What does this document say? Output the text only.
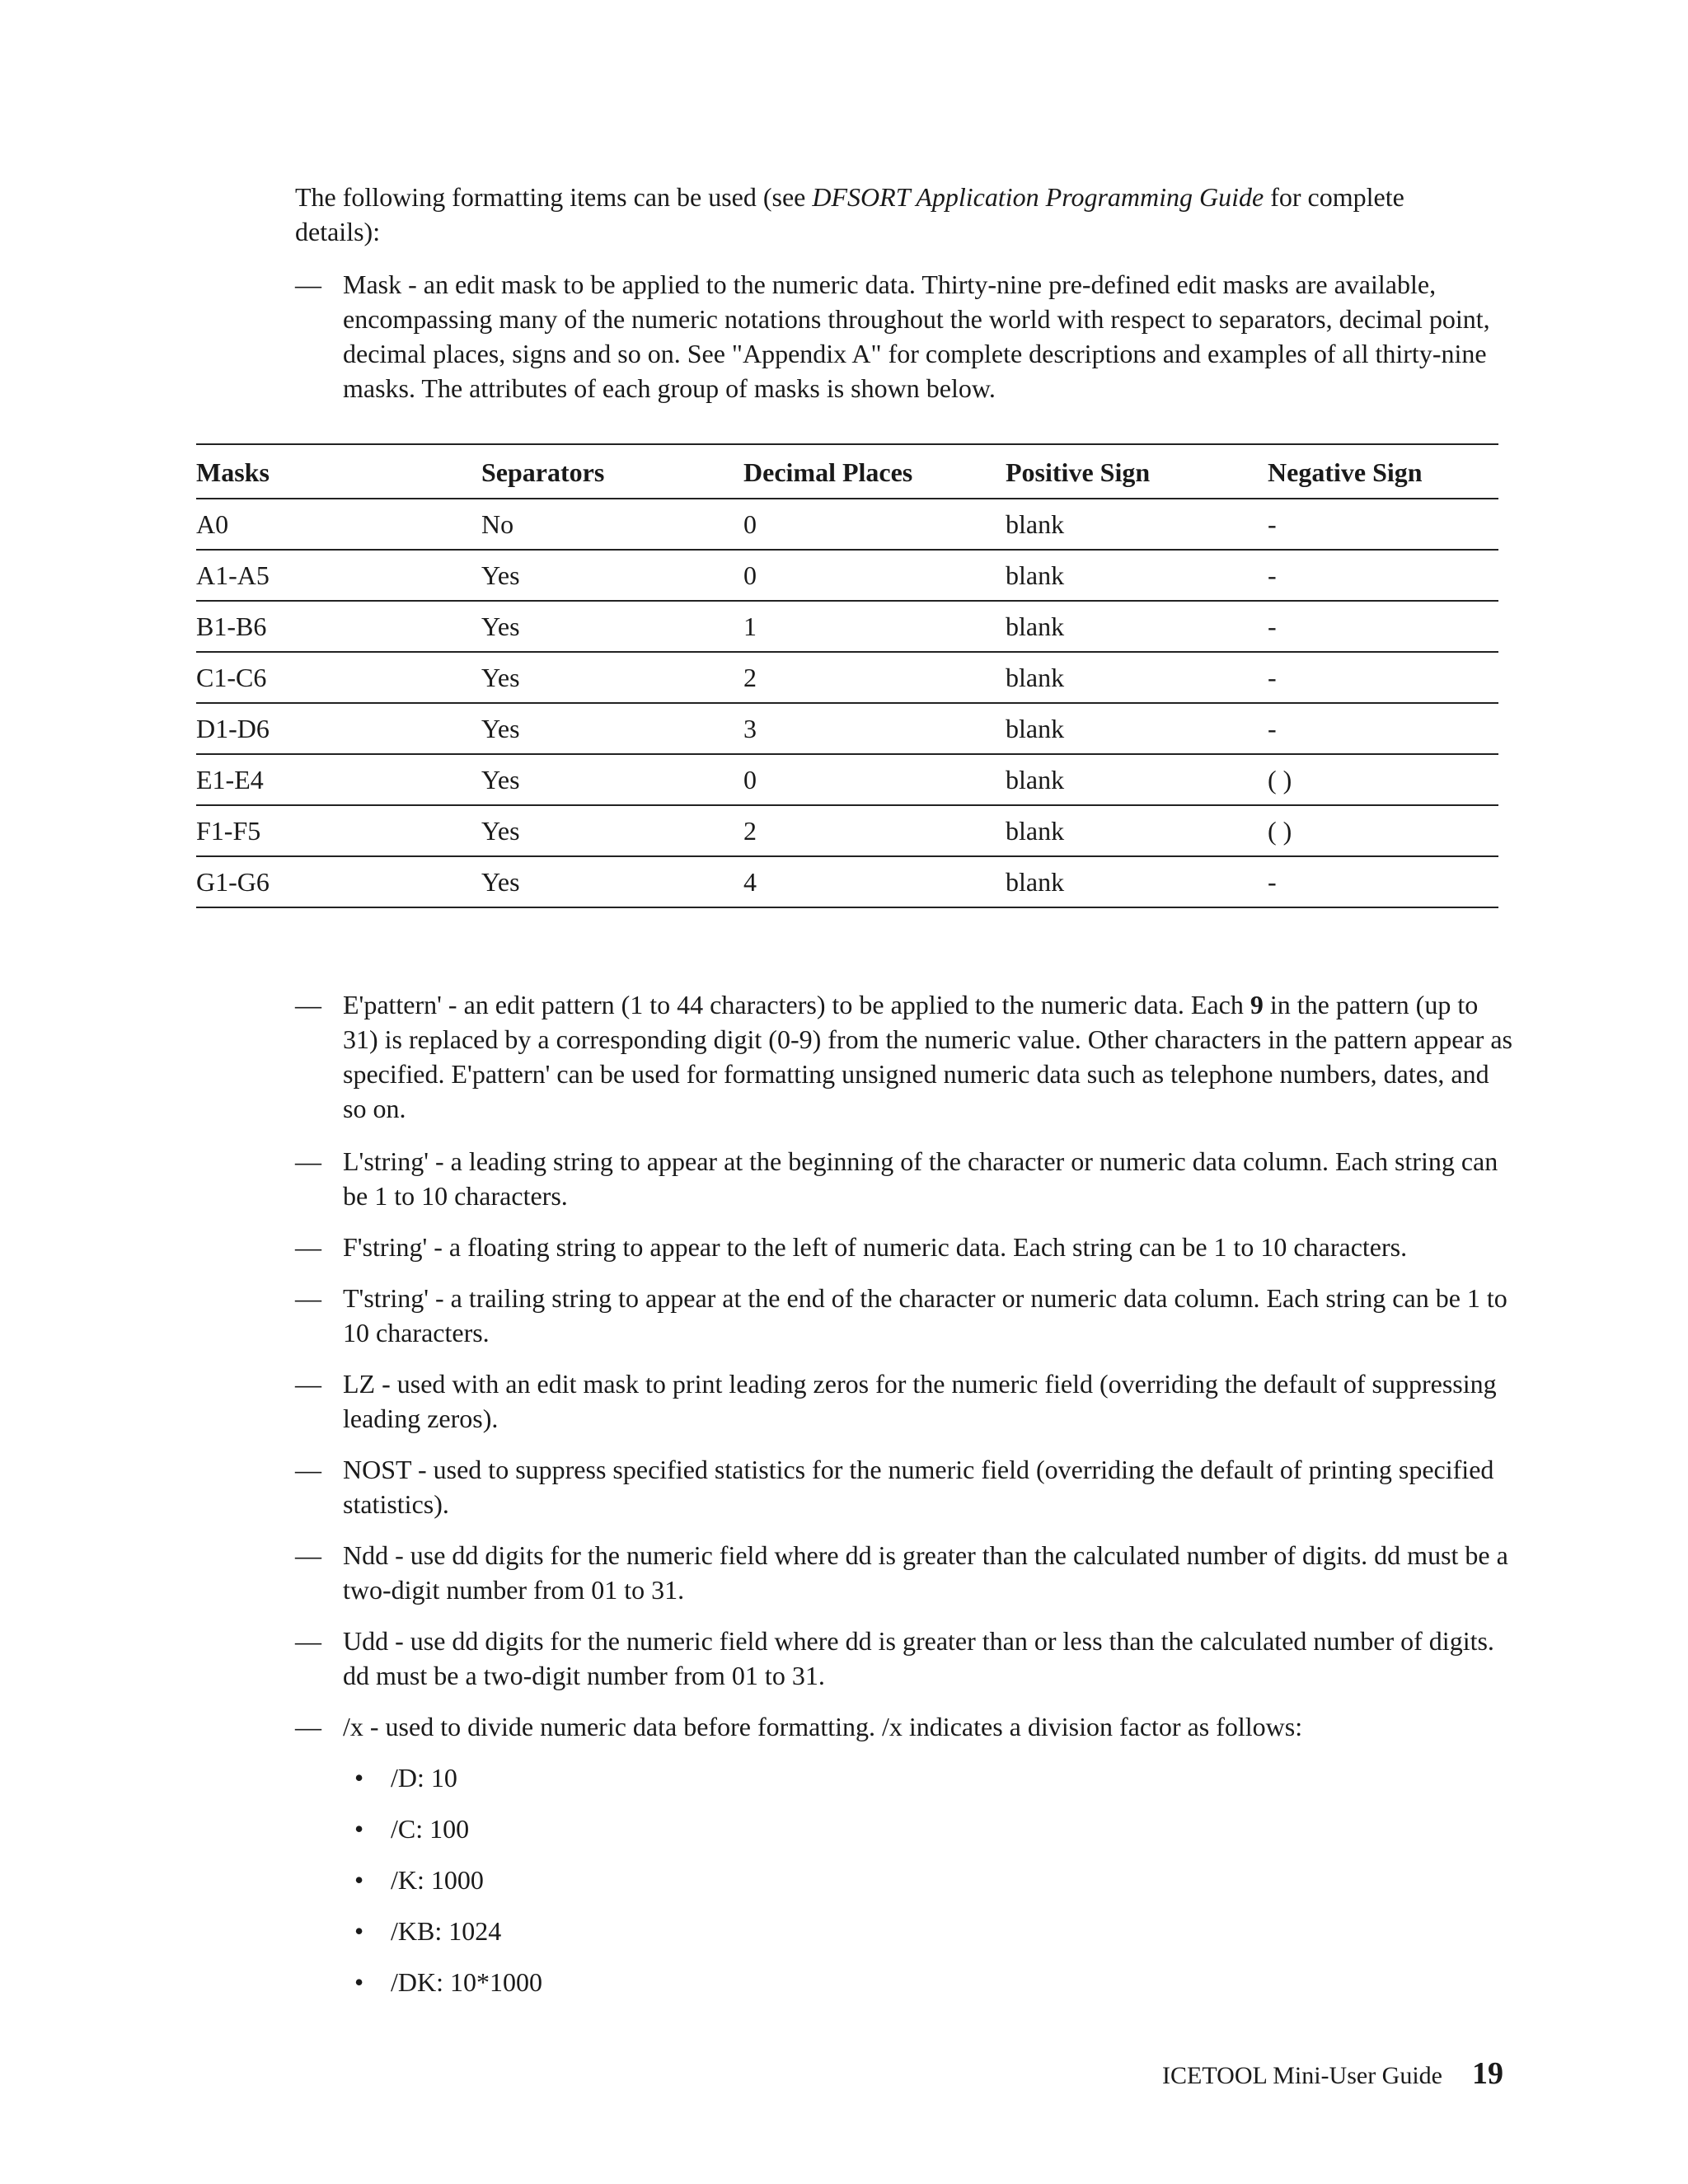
The following formatting items can be used (see DFSORT Application Programming Guide for complete details):
— Mask - an edit mask to be applied to the numeric data. Thirty-nine pre-defined edit masks are available, encompassing many of the numeric notations throughout the world with respect to separators, decimal point, decimal places, signs and so on. See "Appendix A" for complete descriptions and examples of all thirty-nine masks. The attributes of each group of masks is shown below.
Masks	Separators	Decimal Places	Positive Sign	Negative Sign
A0	No	0	blank	-
A1-A5	Yes	0	blank	-
B1-B6	Yes	1	blank	-
C1-C6	Yes	2	blank	-
D1-D6	Yes	3	blank	-
E1-E4	Yes	0	blank	( )
F1-F5	Yes	2	blank	( )
G1-G6	Yes	4	blank	-
— E'pattern' - an edit pattern (1 to 44 characters) to be applied to the numeric data. Each 9 in the pattern (up to 31) is replaced by a corresponding digit (0-9) from the numeric value. Other characters in the pattern appear as specified. E'pattern' can be used for formatting unsigned numeric data such as telephone numbers, dates, and so on.
— L'string' - a leading string to appear at the beginning of the character or numeric data column. Each string can be 1 to 10 characters.
— F'string' - a floating string to appear to the left of numeric data. Each string can be 1 to 10 characters.
— T'string' - a trailing string to appear at the end of the character or numeric data column. Each string can be 1 to 10 characters.
— LZ - used with an edit mask to print leading zeros for the numeric field (overriding the default of suppressing leading zeros).
— NOST - used to suppress specified statistics for the numeric field (overriding the default of printing specified statistics).
— Ndd - use dd digits for the numeric field where dd is greater than the calculated number of digits. dd must be a two-digit number from 01 to 31.
— Udd - use dd digits for the numeric field where dd is greater than or less than the calculated number of digits. dd must be a two-digit number from 01 to 31.
— /x - used to divide numeric data before formatting. /x indicates a division factor as follows:
• /D: 10
• /C: 100
• /K: 1000
• /KB: 1024
• /DK: 10*1000
ICETOOL Mini-User Guide 19
